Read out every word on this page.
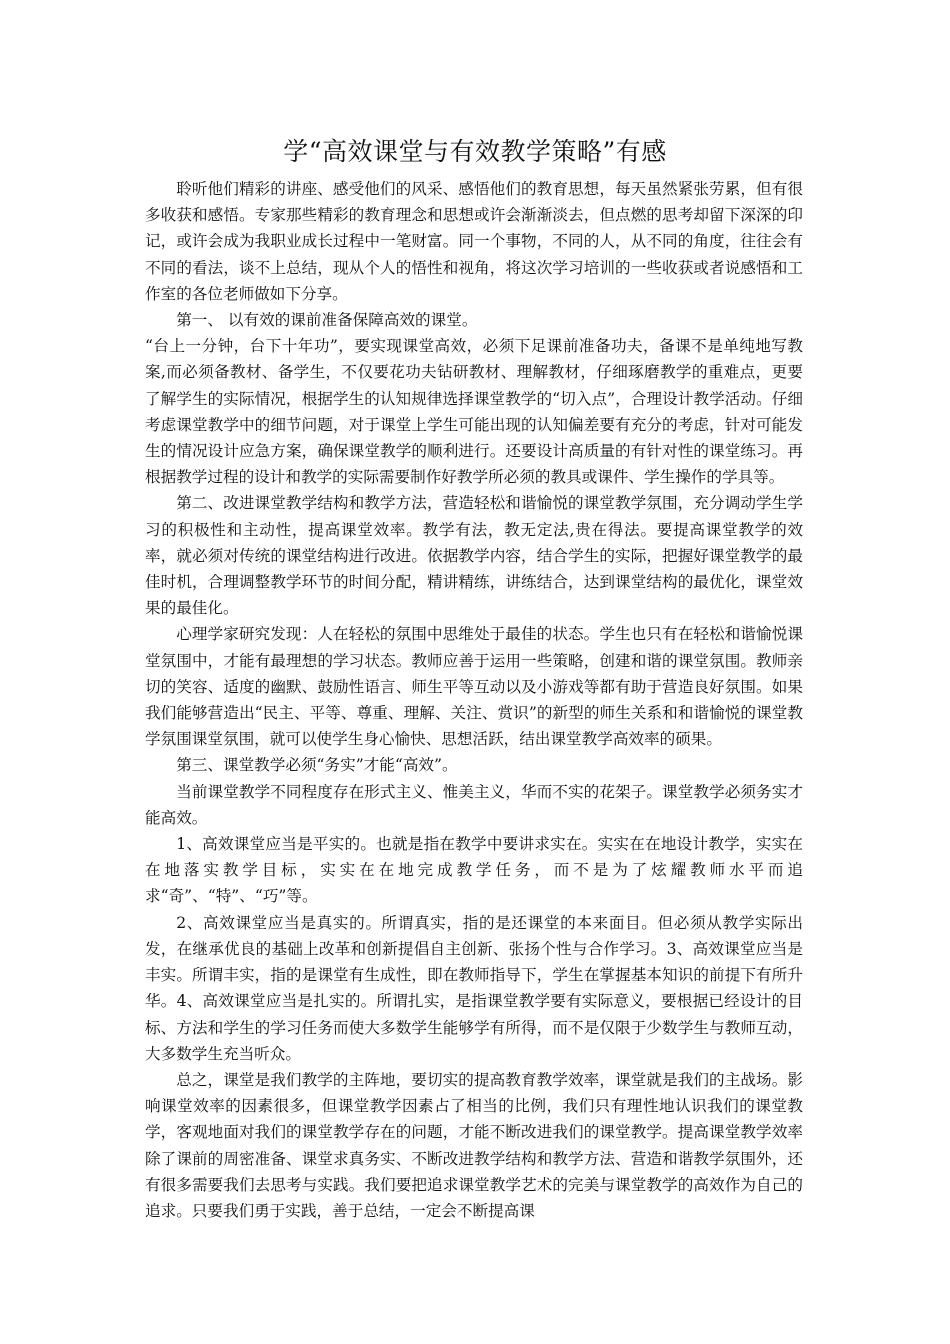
学“高效课堂与有效教学策略”有感

聆听他们精彩的讲座、感受他们的风采、感悟他们的教育思想，每天虽然紧张劳累，但有很多收获和感悟。专家那些精彩的教育理念和思想或许会渐渐淡去，但点燃的思考却留下深深的印记，或许会成为我职业成长过程中一笔财富。同一个事物，不同的人，从不同的角度，往往会有不同的看法，谈不上总结，现从个人的悟性和视角，将这次学习培训的一些收获或者说感悟和工作室的各位老师做如下分享。

第一、 以有效的课前准备保障高效的课堂。

“台上一分钟，台下十年功”，要实现课堂高效，必须下足课前准备功夫，备课不是单纯地写教案,而必须备教材、备学生，不仅要花功夫钻研教材、理解教材，仔细琢磨教学的重难点，更要了解学生的实际情况，根据学生的认知规律选择课堂教学的“切入点”，合理设计教学活动。仔细考虑课堂教学中的细节问题，对于课堂上学生可能出现的认知偏差要有充分的考虑，针对可能发生的情况设计应急方案，确保课堂教学的顺利进行。还要设计高质量的有针对性的课堂练习。再根据教学过程的设计和教学的实际需要制作好教学所必须的教具或课件、学生操作的学具等。

第二、改进课堂教学结构和教学方法，营造轻松和谐愉悦的课堂教学氛围，充分调动学生学习的积极性和主动性，提高课堂效率。教学有法，教无定法,贵在得法。要提高课堂教学的效率，就必须对传统的课堂结构进行改进。依据教学内容，结合学生的实际，把握好课堂教学的最佳时机，合理调整教学环节的时间分配，精讲精练，讲练结合，达到课堂结构的最优化，课堂效果的最佳化。

心理学家研究发现：人在轻松的氛围中思维处于最佳的状态。学生也只有在轻松和谐愉悦课堂氛围中，才能有最理想的学习状态。教师应善于运用一些策略，创建和谐的课堂氛围。教师亲切的笑容、适度的幽默、鼓励性语言、师生平等互动以及小游戏等都有助于营造良好氛围。如果我们能够营造出“民主、平等、尊重、理解、关注、赏识”的新型的师生关系和和谐愉悦的课堂教学氛围课堂氛围，就可以使学生身心愉快、思想活跃，结出课堂教学高效率的硕果。

第三、课堂教学必须“务实”才能“高效”。

当前课堂教学不同程度存在形式主义、惟美主义，华而不实的花架子。课堂教学必须务实才能高效。

1、高效课堂应当是平实的。也就是指在教学中要讲求实在。实实在在地设计教学，实实在在地落实教学目标，实实在在地完成教学任务，而不是为了炫耀教师水平而追求“奇”、“特”、“巧”等。

2、高效课堂应当是真实的。所谓真实，指的是还课堂的本来面目。但必须从教学实际出发，在继承优良的基础上改革和创新提倡自主创新、张扬个性与合作学习。3、高效课堂应当是丰实。所谓丰实，指的是课堂有生成性，即在教师指导下，学生在掌握基本知识的前提下有所升华。4、高效课堂应当是扎实的。所谓扎实，是指课堂教学要有实际意义，要根据已经设计的目标、方法和学生的学习任务而使大多数学生能够学有所得，而不是仅限于少数学生与教师互动，大多数学生充当听众。

总之，课堂是我们教学的主阵地，要切实的提高教育教学效率，课堂就是我们的主战场。影响课堂效率的因素很多，但课堂教学因素占了相当的比例，我们只有理性地认识我们的课堂教学，客观地面对我们的课堂教学存在的问题，才能不断改进我们的课堂教学。提高课堂教学效率除了课前的周密准备、课堂求真务实、不断改进教学结构和教学方法、营造和谐教学氛围外，还有很多需要我们去思考与实践。我们要把追求课堂教学艺术的完美与课堂教学的高效作为自己的追求。只要我们勇于实践，善于总结，一定会不断提高课
